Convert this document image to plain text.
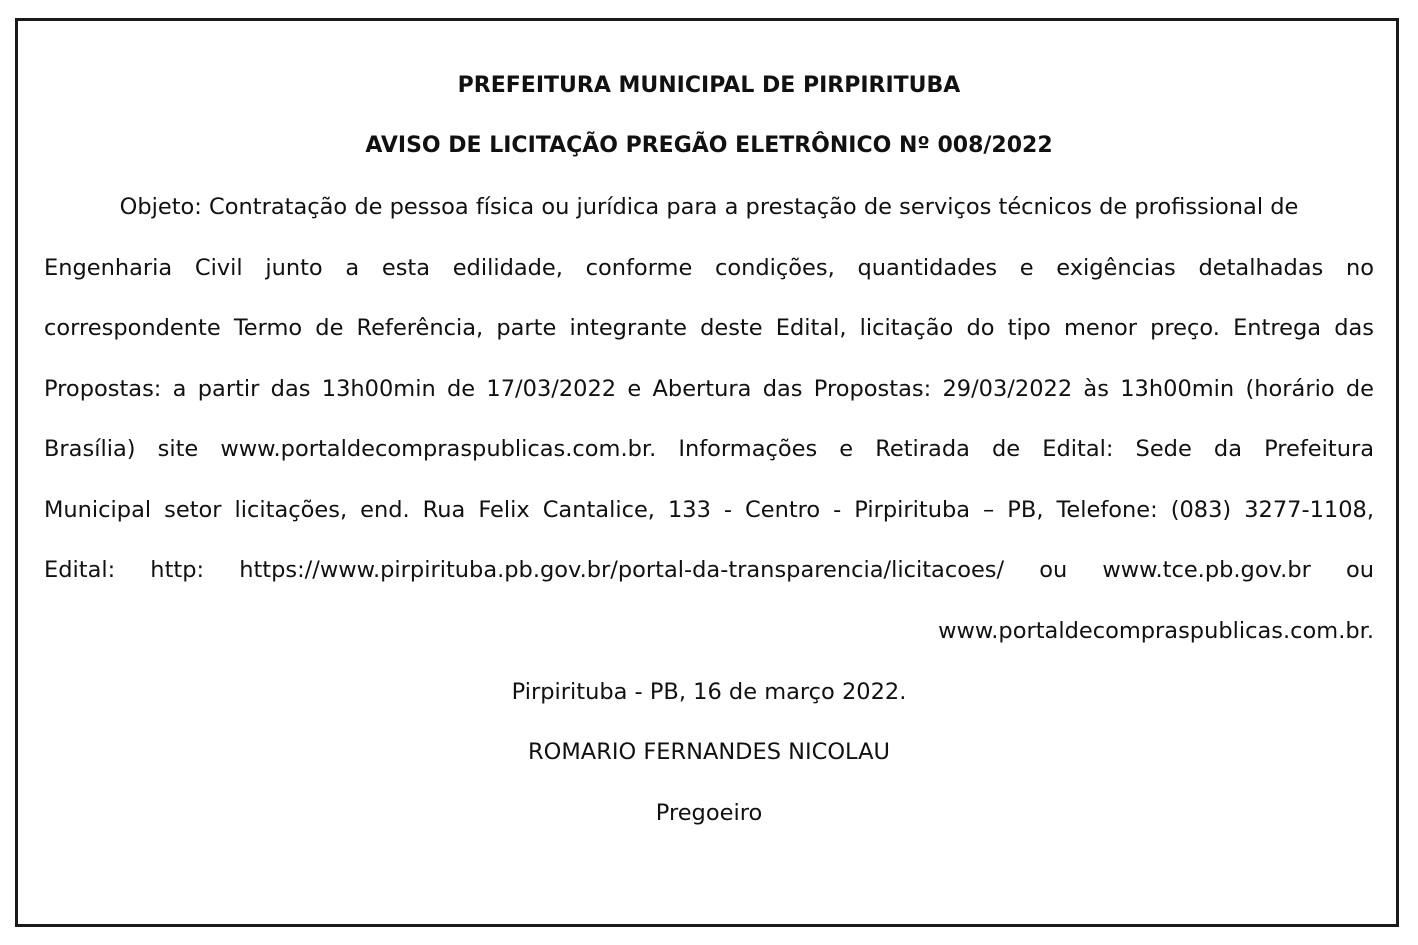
PREFEITURA MUNICIPAL DE PIRPIRITUBA
AVISO DE LICITAÇÃO PREGÃO ELETRÔNICO Nº 008/2022
Objeto: Contratação de pessoa física ou jurídica para a prestação de serviços técnicos de profissional de
Engenharia Civil junto a esta edilidade, conforme condições, quantidades e exigências detalhadas no
correspondente Termo de Referência, parte integrante deste Edital, licitação do tipo menor preço. Entrega das
Propostas: a partir das 13h00min de 17/03/2022 e Abertura das Propostas: 29/03/2022 às 13h00min (horário de
Brasília) site www.portaldecompraspublicas.com.br. Informações e Retirada de Edital: Sede da Prefeitura
Municipal setor licitações, end. Rua Felix Cantalice, 133 - Centro - Pirpirituba – PB, Telefone: (083) 3277-1108,
Edital: http: https://www.pirpirituba.pb.gov.br/portal-da-transparencia/licitacoes/ ou www.tce.pb.gov.br ou
www.portaldecompraspublicas.com.br.
Pirpirituba - PB, 16 de março 2022.
ROMARIO FERNANDES NICOLAU
Pregoeiro
